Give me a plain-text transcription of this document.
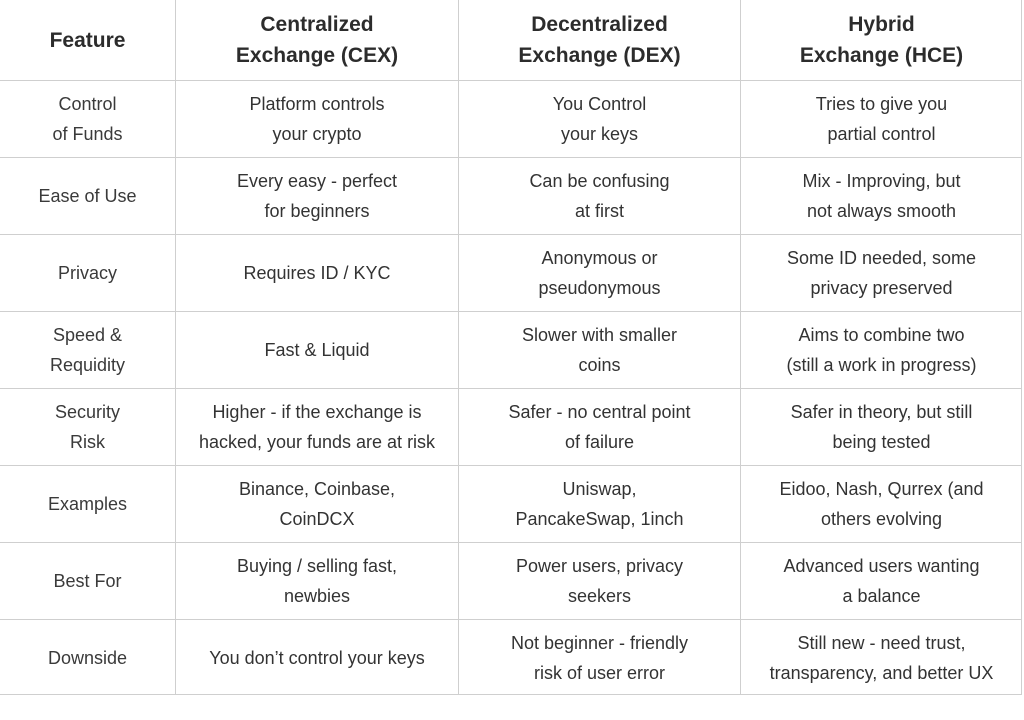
Feature
Centralized
Exchange (CEX)
Decentralized
Exchange (DEX)
Hybrid
Exchange (HCE)
Control
of Funds
Platform controls
your crypto
You Control
your keys
Tries to give you
partial control
Ease of Use
Every easy - perfect
for beginners
Can be confusing
at first
Mix - Improving, but
not always smooth
Privacy	Requires ID / KYC
Anonymous or
pseudonymous
Some ID needed, some
privacy preserved
Speed &
Requidity
Fast & Liquid
Slower with smaller
coins
Aims to combine two
(still a work in progress)
Security
Risk
Higher - if the exchange is
hacked, your funds are at risk
Safer - no central point
of failure
Safer in theory, but still
being tested
Examples
Binance, Coinbase,
CoinDCX
Uniswap,
PancakeSwap, 1inch
Eidoo, Nash, Qurrex (and
others evolving
Best For
Buying / selling fast,
newbies
Power users, privacy
seekers
Advanced users wanting
a balance
Downside	You don’t control your keys
Not beginner - friendly
risk of user error
Still new - need trust,
transparency, and better UX
